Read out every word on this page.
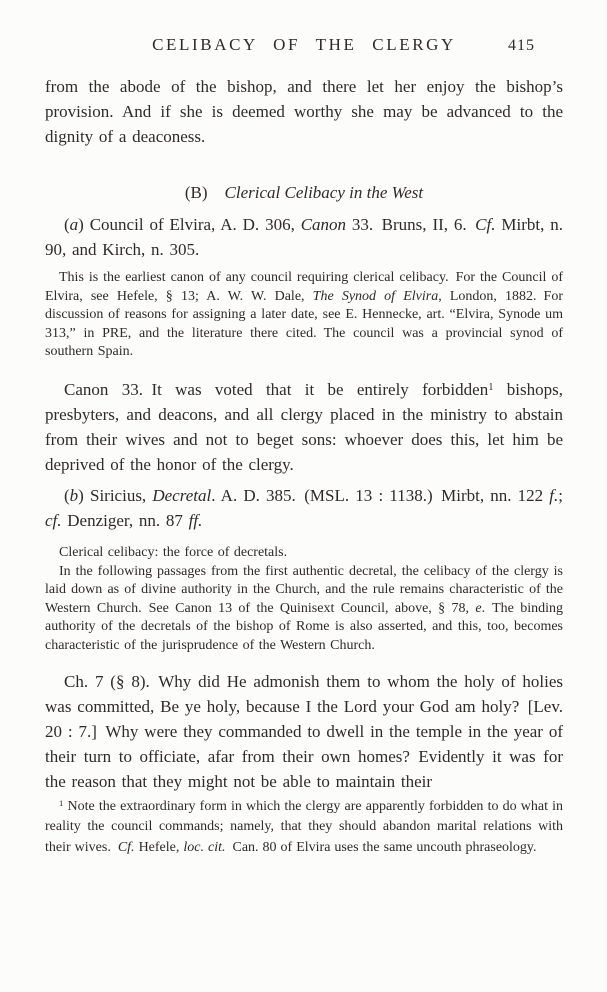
CELIBACY OF THE CLERGY	415

from the abode of the bishop, and there let her enjoy the bishop’s provision. And if she is deemed worthy she may be advanced to the dignity of a deaconess.

(B)  Clerical Celibacy in the West

(a) Council of Elvira, A. D. 306, Canon 33. Bruns, II, 6. Cf. Mirbt, n. 90, and Kirch, n. 305.

This is the earliest canon of any council requiring clerical celibacy. For the Council of Elvira, see Hefele, § 13; A. W. W. Dale, The Synod of Elvira, London, 1882. For discussion of reasons for assigning a later date, see E. Hennecke, art. “Elvira, Synode um 313,” in PRE, and the literature there cited. The council was a provincial synod of southern Spain.

Canon 33. It was voted that it be entirely forbidden$^1$ bishops, presbyters, and deacons, and all clergy placed in the ministry to abstain from their wives and not to beget sons: whoever does this, let him be deprived of the honor of the clergy.

(b) Siricius, Decretal. A. D. 385. (MSL. 13 : 1138.) Mirbt, nn. 122 f.; cf. Denziger, nn. 87 ff.

Clerical celibacy: the force of decretals.

In the following passages from the first authentic decretal, the celibacy of the clergy is laid down as of divine authority in the Church, and the rule remains characteristic of the Western Church. See Canon 13 of the Quinisext Council, above, § 78, e. The binding authority of the decretals of the bishop of Rome is also asserted, and this, too, becomes characteristic of the jurisprudence of the Western Church.

Ch. 7 (§ 8). Why did He admonish them to whom the holy of holies was committed, Be ye holy, because I the Lord your God am holy? [Lev. 20 : 7.] Why were they commanded to dwell in the temple in the year of their turn to officiate, afar from their own homes? Evidently it was for the reason that they might not be able to maintain their

$^1$ Note the extraordinary form in which the clergy are apparently forbidden to do what in reality the council commands; namely, that they should abandon marital relations with their wives. Cf. Hefele, loc. cit. Can. 80 of Elvira uses the same uncouth phraseology.
